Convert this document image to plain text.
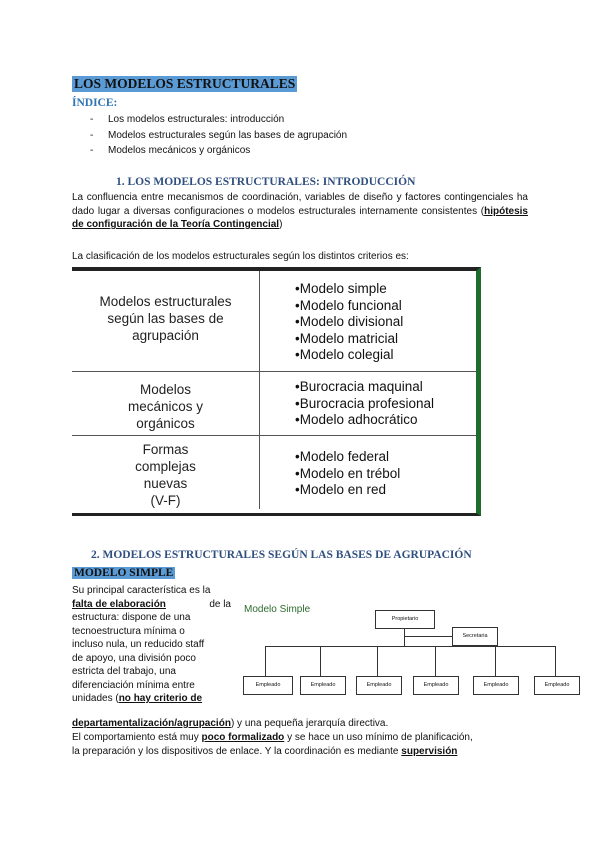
LOS MODELOS ESTRUCTURALES
ÍNDICE:
- Los modelos estructurales: introducción
- Modelos estructurales según las bases de agrupación
- Modelos mecánicos y orgánicos
1. LOS MODELOS ESTRUCTURALES: INTRODUCCIÓN
La confluencia entre mecanismos de coordinación, variables de diseño y factores contingenciales ha dado lugar a diversas configuraciones o modelos estructurales internamente consistentes (hipótesis de configuración de la Teoría Contingencial)
La clasificación de los modelos estructurales según los distintos criterios es:
Modelos estructurales
según las bases de
agrupación
•Modelo simple
•Modelo funcional
•Modelo divisional
•Modelo matricial
•Modelo colegial
Modelos
mecánicos y
orgánicos
•Burocracia maquinal
•Burocracia profesional
•Modelo adhocrático
Formas
complejas
nuevas
(V-F)
•Modelo federal
•Modelo en trébol
•Modelo en red
2. MODELOS ESTRUCTURALES SEGÚN LAS BASES DE AGRUPACIÓN
MODELO SIMPLE
Su principal característica es la
falta de elaboración	de la
estructura: dispone de una
tecnoestructura mínima o
incluso nula, un reducido staff
de apoyo, una división poco
estricta del trabajo, una
diferenciación mínima entre
unidades (no hay criterio de
departamentalización/agrupación) y una pequeña jerarquía directiva.
El comportamiento está muy poco formalizado y se hace un uso mínimo de planificación,
la preparación y los dispositivos de enlace. Y la coordinación es mediante supervisión
Modelo Simple
Propietario
Secretaria
Empleado	Empleado	Empleado	Empleado	Empleado	Empleado
